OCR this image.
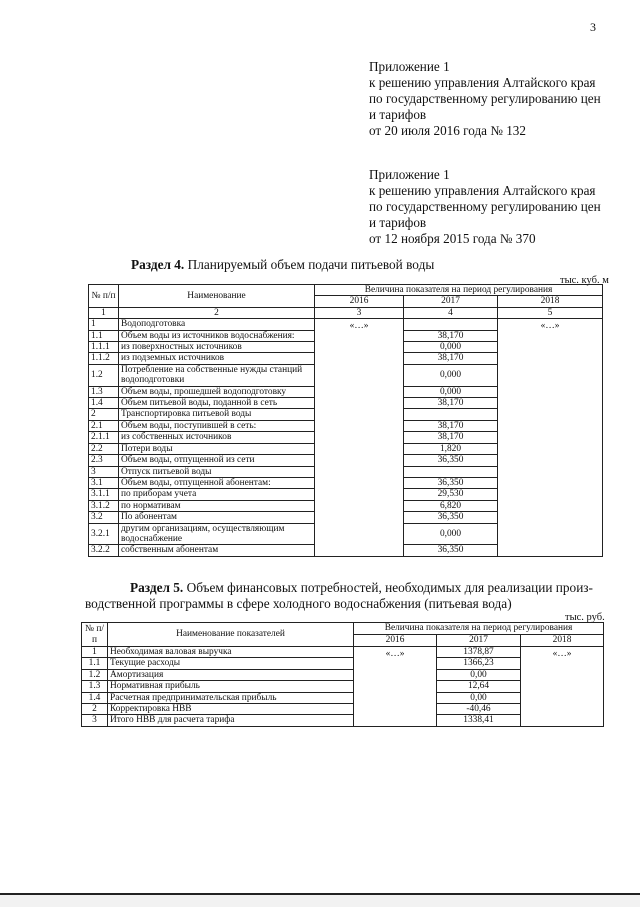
3
Приложение 1
к решению управления Алтайского края
по государственному регулированию цен
и тарифов
от 20 июля 2016 года № 132
Приложение 1
к решению управления Алтайского края
по государственному регулированию цен
и тарифов
от 12 ноября 2015 года № 370
Раздел 4. Планируемый объем подачи питьевой воды
тыс. куб. м
№ п/п	Наименование	Величина показателя на период регулирования		
		2016	2017	2018
1	2	3	4	5
1	Водоподготовка	«…»		«…»
1.1	Объем воды из источников водоснабжения:		38,170	
1.1.1	из поверхностных источников		0,000	
1.1.2	из подземных источников		38,170	
1.2	Потребление на собственные нужды станций водоподготовки		0,000	
1.3	Объем воды, прошедшей водоподготовку		0,000	
1.4	Объем питьевой воды, поданной в сеть		38,170	
2	Транспортировка питьевой воды			
2.1	Объем воды, поступившей в сеть:		38,170	
2.1.1	из собственных источников		38,170	
2.2	Потери воды		1,820	
2.3	Объем воды, отпущенной из сети		36,350	
3	Отпуск питьевой воды			
3.1	Объем воды, отпущенной абонентам:		36,350	
3.1.1	по приборам учета		29,530	
3.1.2	по нормативам		6,820	
3.2	По абонентам		36,350	
3.2.1	другим организациям, осуществляющим водоснабжение		0,000	
3.2.2	собственным абонентам		36,350	
Раздел 5. Объем финансовых потребностей, необходимых для реализации произ-
водственной программы в сфере холодного водоснабжения (питьевая вода)
тыс. руб.
№ п/п	Наименование показателей	Величина показателя на период регулирования		
		2016	2017	2018
1	Необходимая валовая выручка	«…»	1378,87	«…»
1.1	Текущие расходы		1366,23	
1.2	Амортизация		0,00	
1.3	Нормативная прибыль		12,64	
1.4	Расчетная предпринимательская прибыль		0,00	
2	Корректировка НВВ		-40,46	
3	Итого НВВ для расчета тарифа		1338,41	
